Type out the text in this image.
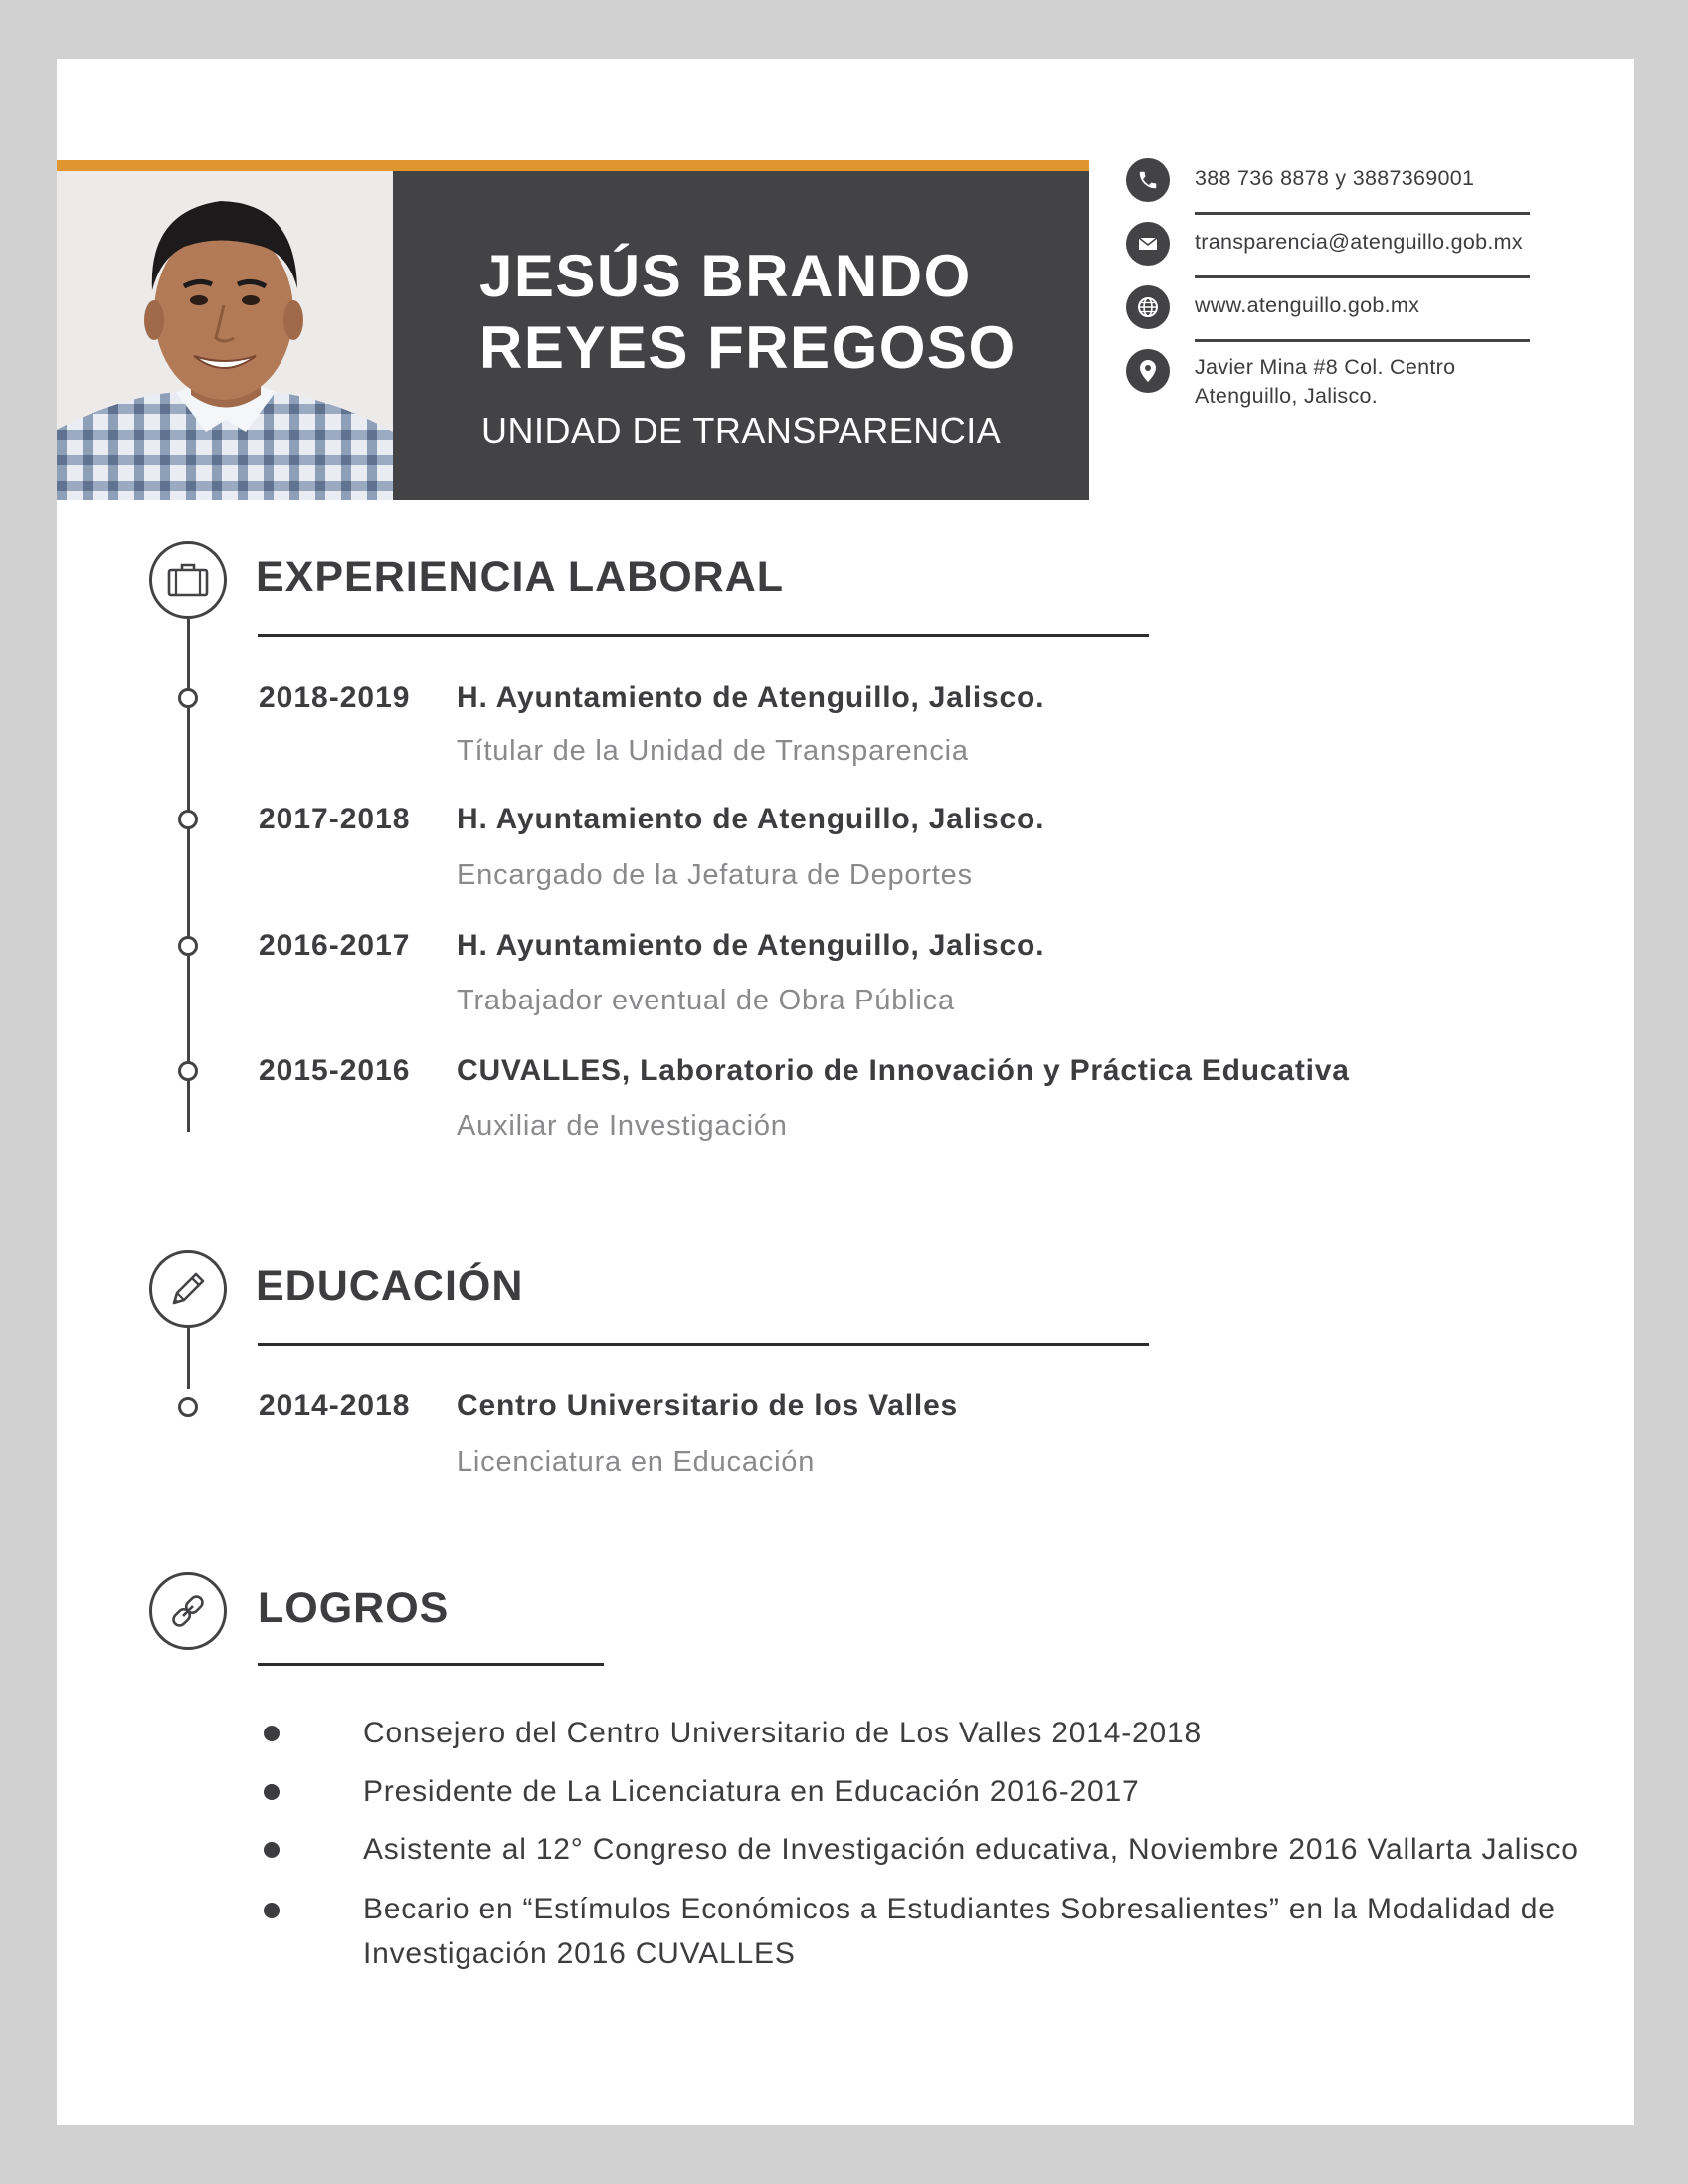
JESÚS BRANDO
REYES FREGOSO

UNIDAD DE TRANSPARENCIA

388 736 8878 y 3887369001
transparencia@atenguillo.gob.mx
www.atenguillo.gob.mx
Javier Mina #8 Col. Centro
Atenguillo, Jalisco.
EXPERIENCIA LABORAL
2018-2019 H. Ayuntamiento de Atenguillo, Jalisco.
Títular de la Unidad de Transparencia
2017-2018 H. Ayuntamiento de Atenguillo, Jalisco.
Encargado de la Jefatura de Deportes
2016-2017 H. Ayuntamiento de Atenguillo, Jalisco.
Trabajador eventual de Obra Pública
2015-2016 CUVALLES, Laboratorio de Innovación y Práctica Educativa
Auxiliar de Investigación
EDUCACIÓN
2014-2018 Centro Universitario de los Valles
Licenciatura en Educación
LOGROS
Consejero del Centro Universitario de Los Valles 2014-2018
Presidente de La Licenciatura en Educación 2016-2017
Asistente al 12° Congreso de Investigación educativa, Noviembre 2016 Vallarta Jalisco
Becario en “Estímulos Económicos a Estudiantes Sobresalientes” en la Modalidad de Investigación 2016 CUVALLES
